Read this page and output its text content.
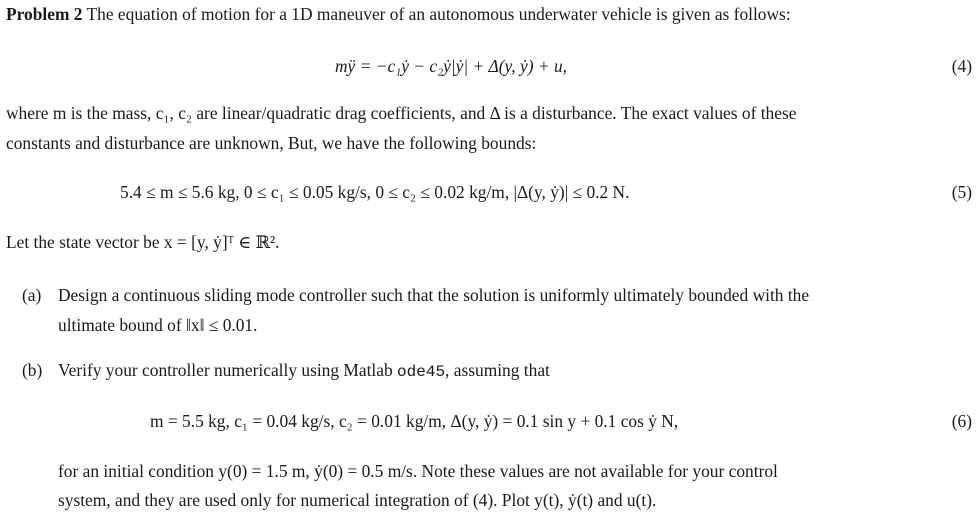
Problem 2 The equation of motion for a 1D maneuver of an autonomous underwater vehicle is given as follows:
mÿ = −c₁ẏ − c₂ẏ|ẏ| + Δ(y, ẏ) + u,	(4)
where m is the mass, c₁, c₂ are linear/quadratic drag coefficients, and Δ is a disturbance. The exact values of these
constants and disturbance are unknown, But, we have the following bounds:
5.4 ≤ m ≤ 5.6 kg, 0 ≤ c₁ ≤ 0.05 kg/s, 0 ≤ c₂ ≤ 0.02 kg/m, |Δ(y, ẏ)| ≤ 0.2 N.	(5)
Let the state vector be x = [y, ẏ]ᵀ ∈ ℝ².
(a) Design a continuous sliding mode controller such that the solution is uniformly ultimately bounded with the
ultimate bound of ‖x‖ ≤ 0.01.
(b) Verify your controller numerically using Matlab ode45, assuming that
m = 5.5 kg, c₁ = 0.04 kg/s, c₂ = 0.01 kg/m, Δ(y, ẏ) = 0.1 sin y + 0.1 cos ẏ N,	(6)
for an initial condition y(0) = 1.5 m, ẏ(0) = 0.5 m/s. Note these values are not available for your control
system, and they are used only for numerical integration of (4). Plot y(t), ẏ(t) and u(t).
